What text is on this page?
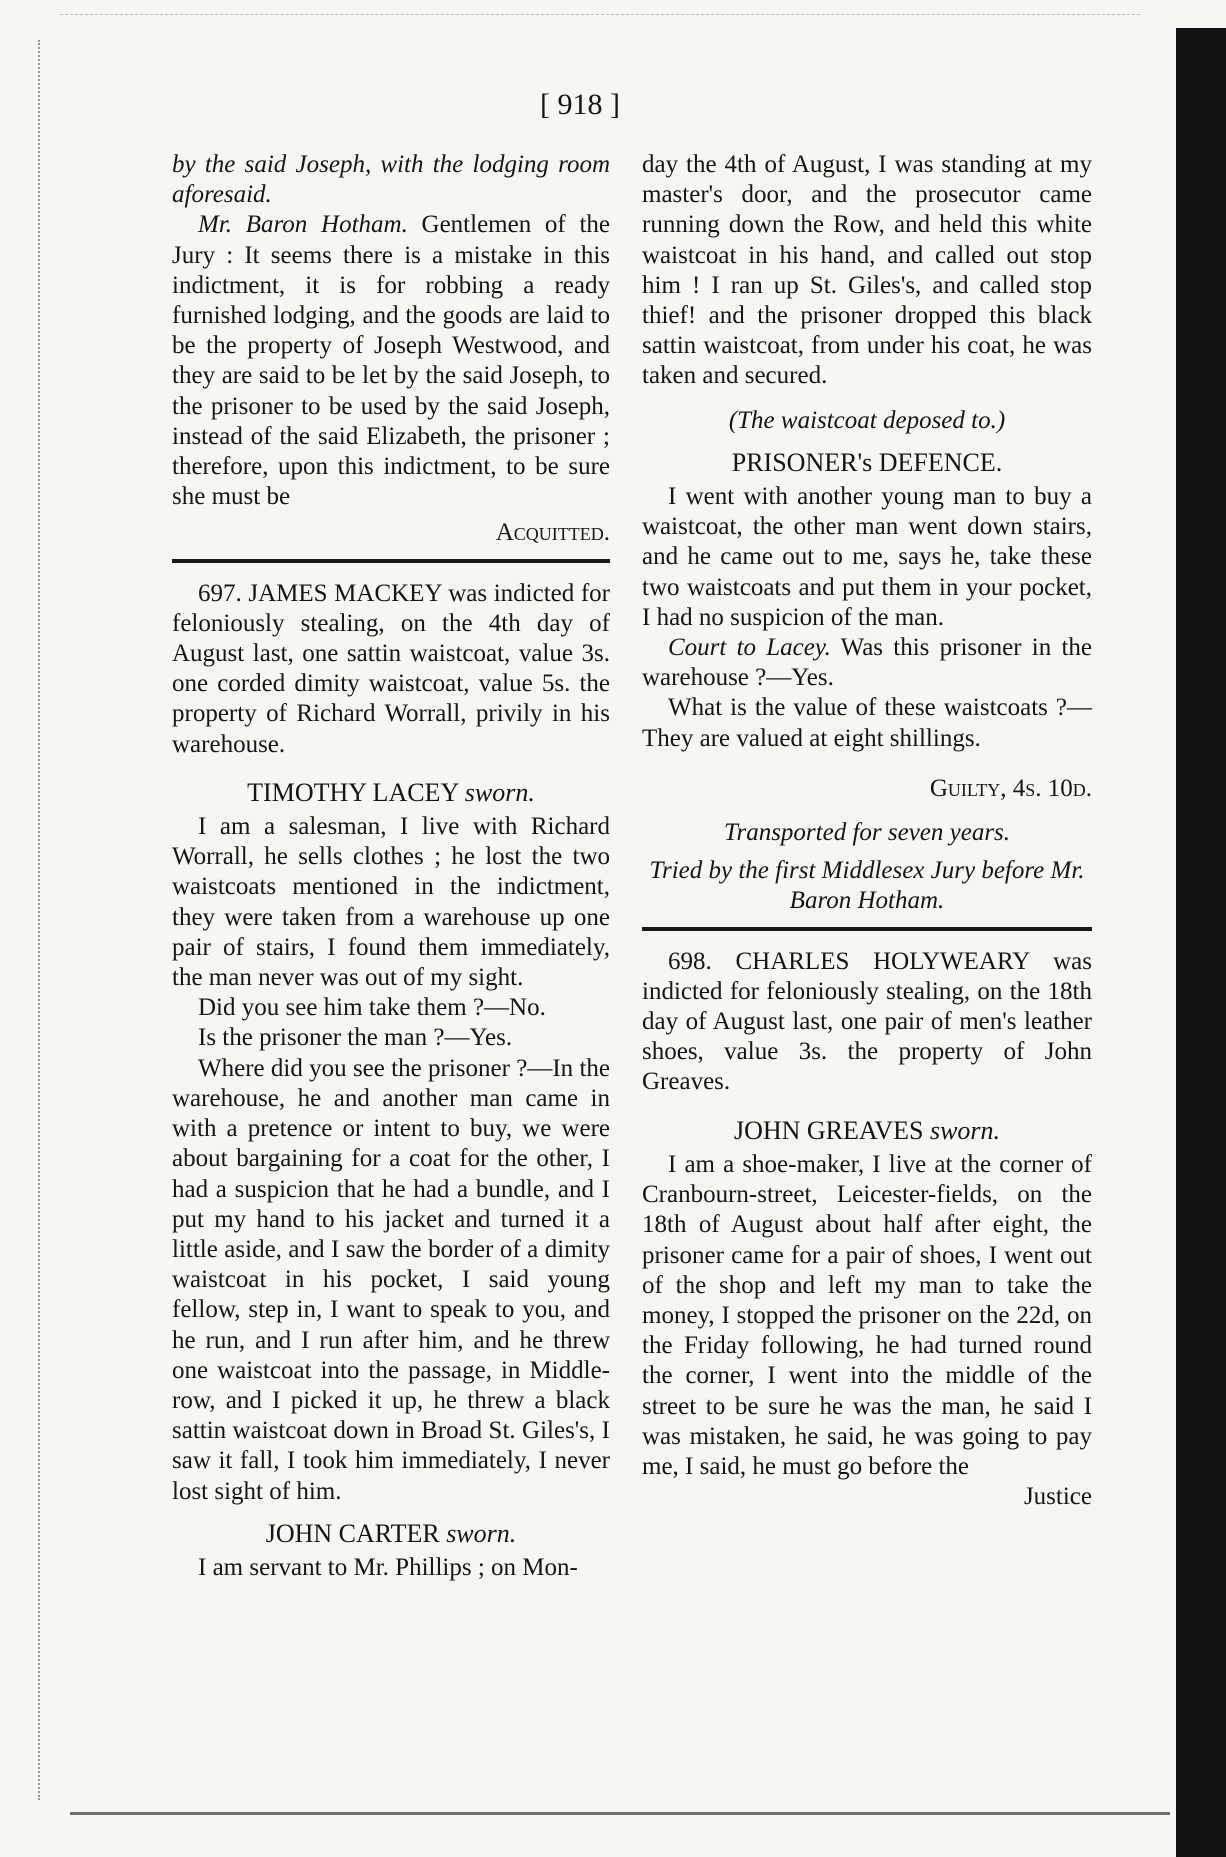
[ 918 ]

by the said Joseph, with the lodging room aforesaid.

Mr. Baron Hotham. Gentlemen of the Jury : It seems there is a mistake in this indictment, it is for robbing a ready furnished lodging, and the goods are laid to be the property of Joseph Westwood, and they are said to be let by the said Joseph, to the prisoner to be used by the said Joseph, instead of the said Elizabeth, the prisoner ; therefore, upon this indictment, to be sure she must be

Acquitted.

697. JAMES MACKEY was indicted for feloniously stealing, on the 4th day of August last, one sattin waistcoat, value 3s. one corded dimity waistcoat, value 5s. the property of Richard Worrall, privily in his warehouse.

TIMOTHY LACEY sworn.

I am a salesman, I live with Richard Worrall, he sells clothes ; he lost the two waistcoats mentioned in the indictment, they were taken from a warehouse up one pair of stairs, I found them immediately, the man never was out of my sight.

Did you see him take them ?—No.

Is the prisoner the man ?—Yes.

Where did you see the prisoner ?—In the warehouse, he and another man came in with a pretence or intent to buy, we were about bargaining for a coat for the other, I had a suspicion that he had a bundle, and I put my hand to his jacket and turned it a little aside, and I saw the border of a dimity waistcoat in his pocket, I said young fellow, step in, I want to speak to you, and he run, and I run after him, and he threw one waistcoat into the passage, in Middle-row, and I picked it up, he threw a black sattin waistcoat down in Broad St. Giles's, I saw it fall, I took him immediately, I never lost sight of him.

JOHN CARTER sworn.

I am servant to Mr. Phillips ; on Mon-

day the 4th of August, I was standing at my master's door, and the prosecutor came running down the Row, and held this white waistcoat in his hand, and called out stop him ! I ran up St. Giles's, and called stop thief! and the prisoner dropped this black sattin waistcoat, from under his coat, he was taken and secured.

(The waistcoat deposed to.)

PRISONER's DEFENCE.

I went with another young man to buy a waistcoat, the other man went down stairs, and he came out to me, says he, take these two waistcoats and put them in your pocket, I had no suspicion of the man.

Court to Lacey. Was this prisoner in the warehouse ?—Yes.

What is the value of these waistcoats ?—They are valued at eight shillings.

Guilty, 4s. 10d.

Transported for seven years.

Tried by the first Middlesex Jury before Mr. Baron Hotham.

698. CHARLES HOLYWEARY was indicted for feloniously stealing, on the 18th day of August last, one pair of men's leather shoes, value 3s. the property of John Greaves.

JOHN GREAVES sworn.

I am a shoe-maker, I live at the corner of Cranbourn-street, Leicester-fields, on the 18th of August about half after eight, the prisoner came for a pair of shoes, I went out of the shop and left my man to take the money, I stopped the prisoner on the 22d, on the Friday following, he had turned round the corner, I went into the middle of the street to be sure he was the man, he said I was mistaken, he said, he was going to pay me, I said, he must go before the

Justice
